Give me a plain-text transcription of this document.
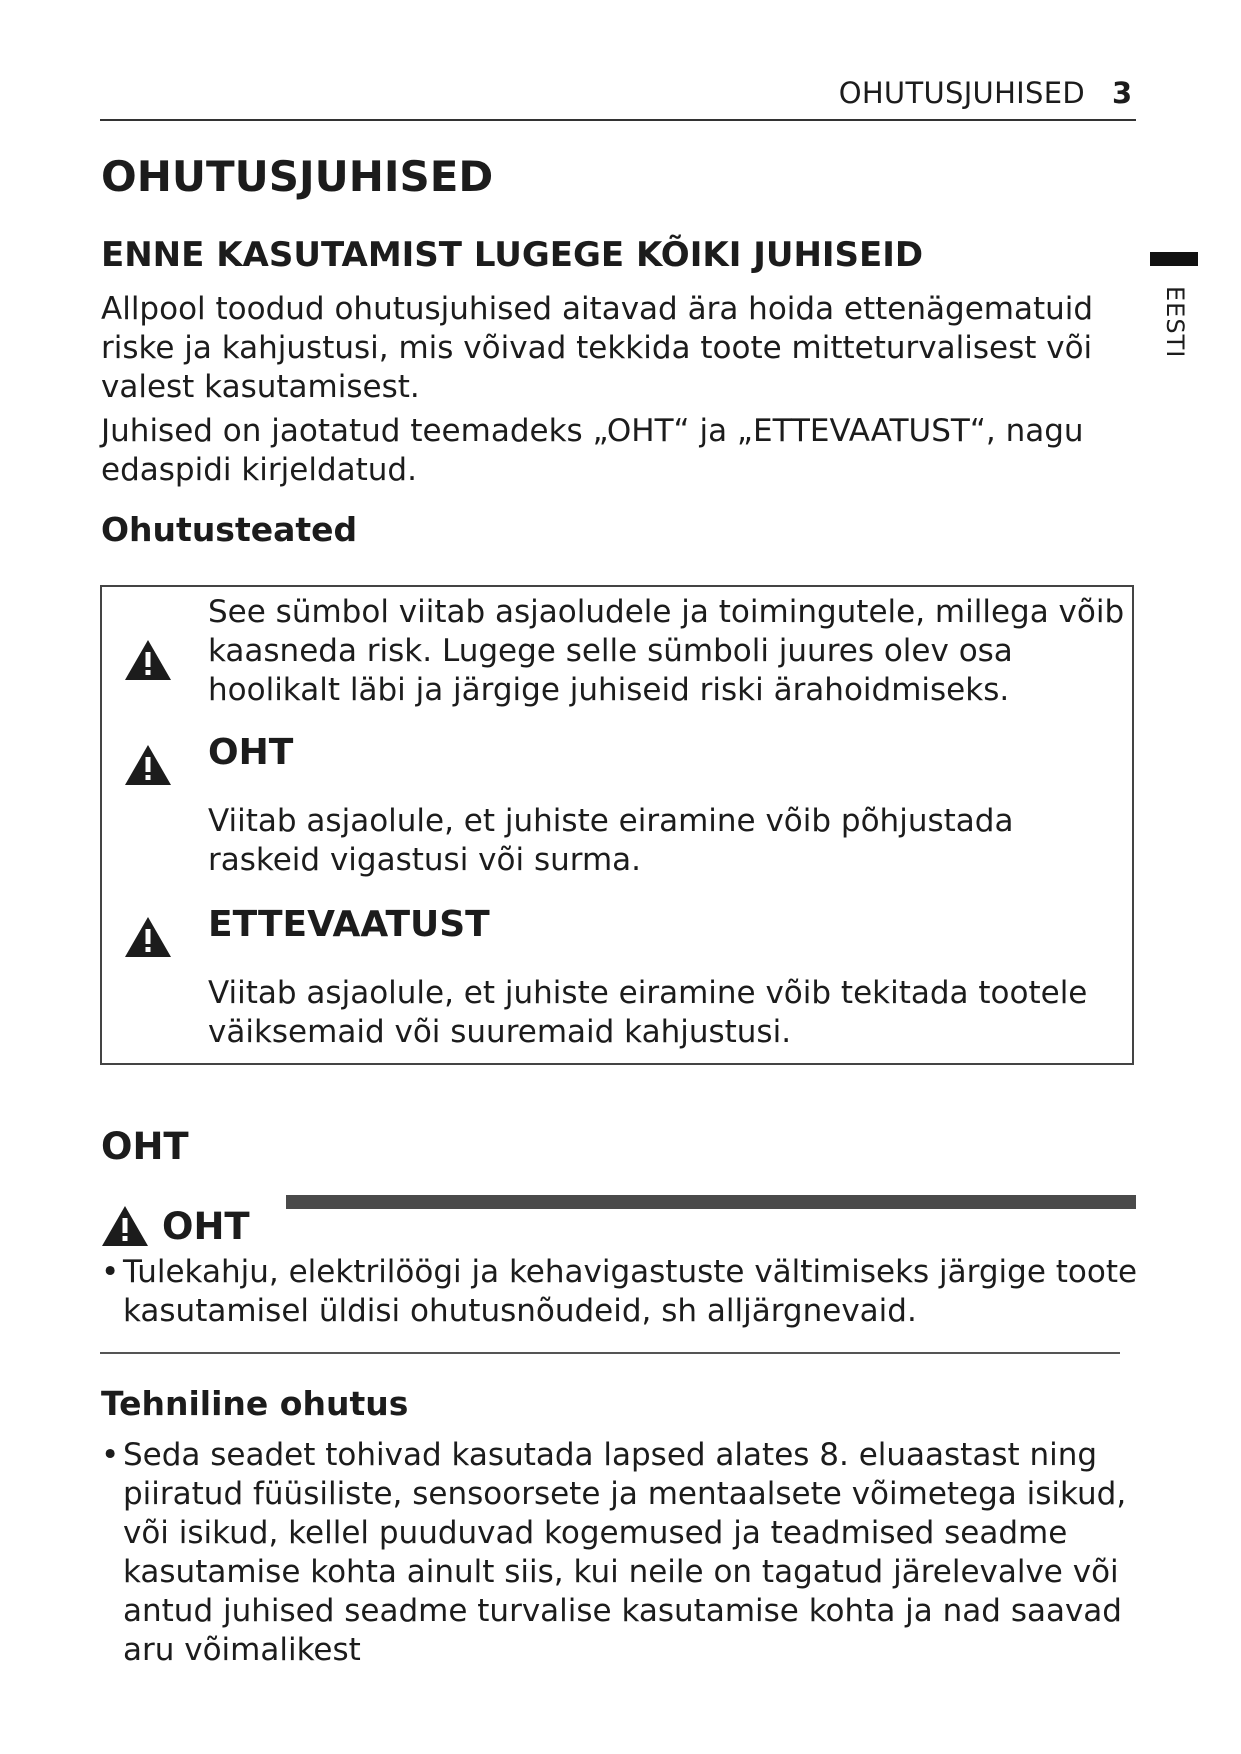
OHUTUSJUHISED 3
EESTI
OHUTUSJUHISED
ENNE KASUTAMIST LUGEGE KÕIKI JUHISEID
Allpool toodud ohutusjuhised aitavad ära hoida ettenägematuid riske ja kahjustusi, mis võivad tekkida toote mitteturvalisest või valest kasutamisest.
Juhised on jaotatud teemadeks „OHT“ ja „ETTEVAATUST“, nagu edaspidi kirjeldatud.
Ohutusteated
See sümbol viitab asjaoludele ja toimingutele, millega võib kaasneda risk. Lugege selle sümboli juures olev osa hoolikalt läbi ja järgige juhiseid riski ärahoidmiseks.
OHT
Viitab asjaolule, et juhiste eiramine võib põhjustada raskeid vigastusi või surma.
ETTEVAATUST
Viitab asjaolule, et juhiste eiramine võib tekitada tootele väiksemaid või suuremaid kahjustusi.
OHT
OHT
• Tulekahju, elektrilöögi ja kehavigastuste vältimiseks järgige toote kasutamisel üldisi ohutusnõudeid, sh alljärgnevaid.
Tehniline ohutus
• Seda seadet tohivad kasutada lapsed alates 8. eluaastast ning piiratud füüsiliste, sensoorsete ja mentaalsete võimetega isikud, või isikud, kellel puuduvad kogemused ja teadmised seadme kasutamise kohta ainult siis, kui neile on tagatud järelevalve või antud juhised seadme turvalise kasutamise kohta ja nad saavad aru võimalikest
